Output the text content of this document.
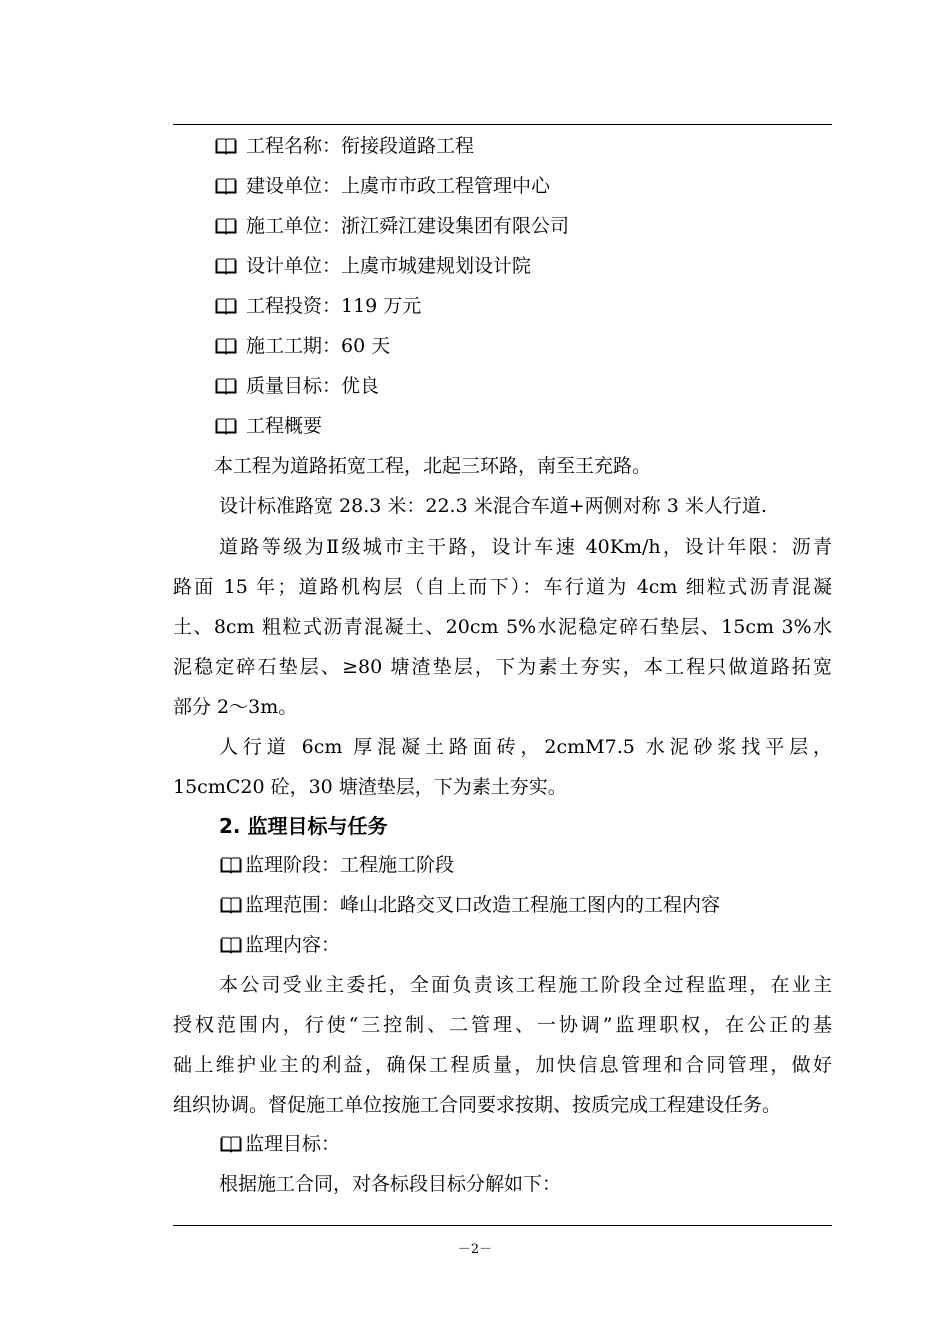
工程名称：衔接段道路工程
建设单位：上虞市市政工程管理中心
施工单位：浙江舜江建设集团有限公司
设计单位：上虞市城建规划设计院
工程投资：119 万元
施工工期：60 天
质量目标：优良
工程概要
本工程为道路拓宽工程，北起三环路，南至王充路。
设计标准路宽 28.3 米：22.3 米混合车道+两侧对称 3 米人行道.
道路等级为Ⅱ级城市主干路，设计车速 40Km/h，设计年限：沥青
路面 15 年；道路机构层（自上而下）：车行道为 4cm 细粒式沥青混凝
土、8cm 粗粒式沥青混凝土、20cm 5%水泥稳定碎石垫层、15cm 3%水
泥稳定碎石垫层、≥80 塘渣垫层，下为素土夯实，本工程只做道路拓宽
部分 2～3m。
人行道 6cm 厚混凝土路面砖，2cmM7.5 水泥砂浆找平层，
15cmC20 砼，30 塘渣垫层，下为素土夯实。
2. 监理目标与任务
监理阶段：工程施工阶段
监理范围：峰山北路交叉口改造工程施工图内的工程内容
监理内容：
本公司受业主委托，全面负责该工程施工阶段全过程监理，在业主
授权范围内，行使“三控制、二管理、一协调”监理职权，在公正的基
础上维护业主的利益，确保工程质量，加快信息管理和合同管理，做好
组织协调。督促施工单位按施工合同要求按期、按质完成工程建设任务。
监理目标：
根据施工合同，对各标段目标分解如下：
－2－
